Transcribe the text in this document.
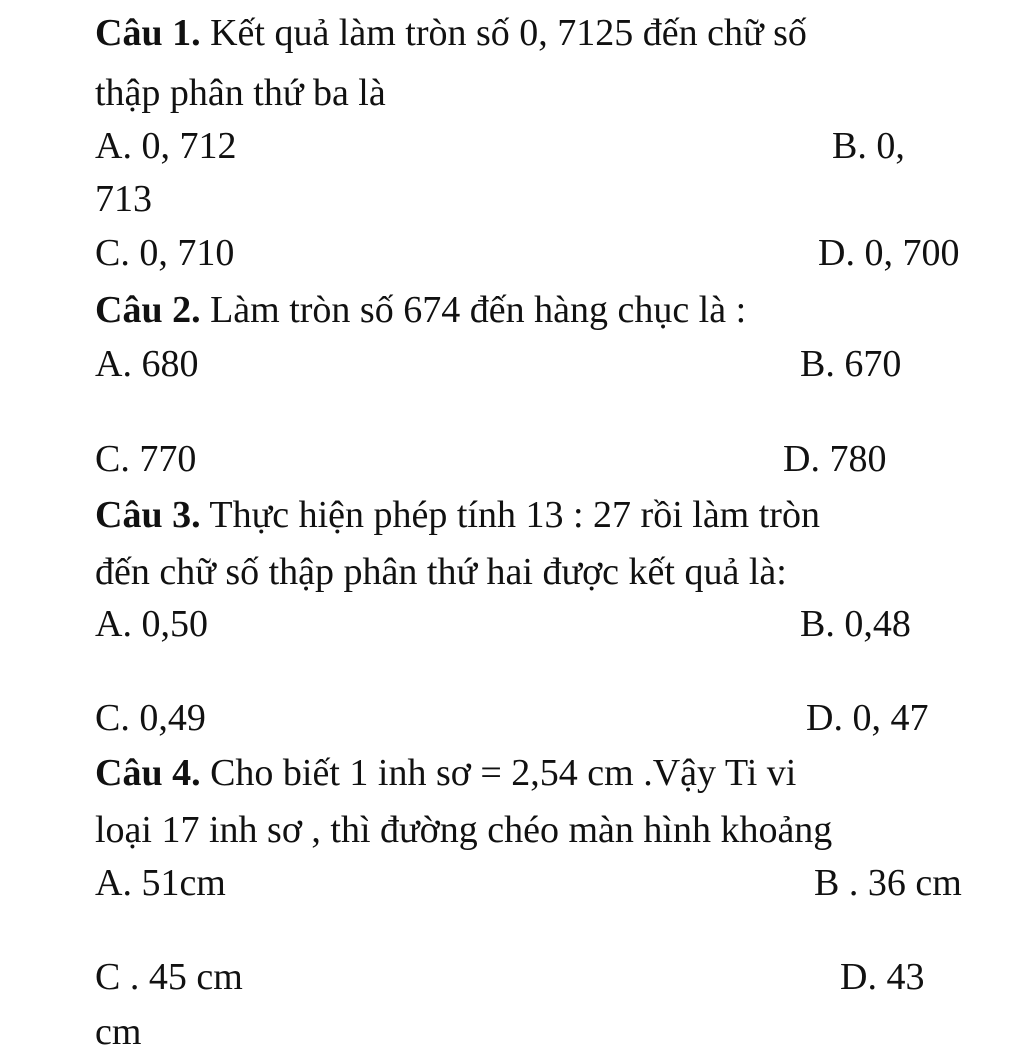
Câu 1. Kết quả làm tròn số 0, 7125 đến chữ số
thập phân thứ ba là
A. 0, 712	B. 0,
713
C. 0, 710	D. 0, 700
Câu 2. Làm tròn số 674 đến hàng chục là :
A. 680	B. 670
C. 770	D. 780
Câu 3. Thực hiện phép tính 13 : 27 rồi làm tròn
đến chữ số thập phân thứ hai được kết quả là:
A. 0,50	B. 0,48
C. 0,49	D. 0, 47
Câu 4. Cho biết 1 inh sơ = 2,54 cm .Vậy Ti vi
loại 17 inh sơ , thì đường chéo màn hình khoảng
A. 51cm	B . 36 cm
C . 45 cm	D. 43
cm
